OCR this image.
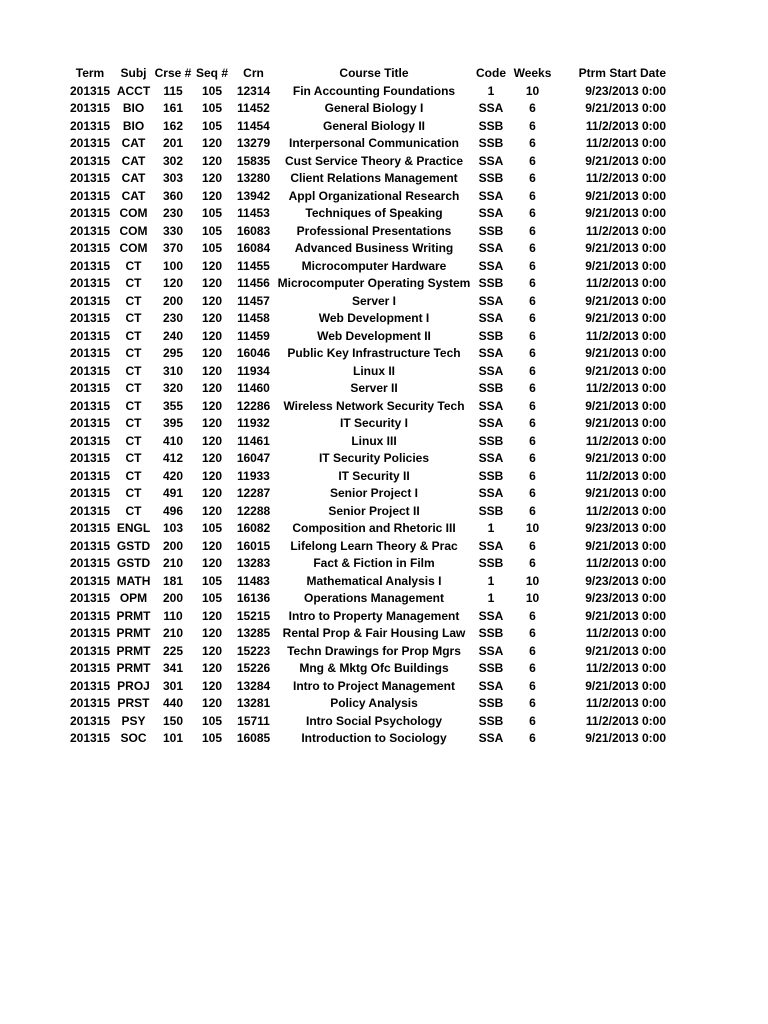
Term	Subj	Crse #	Seq #	Crn	Course Title	Code	Weeks	Ptrm Start Date
201315	ACCT	115	105	12314	Fin Accounting Foundations	1	10	9/23/2013 0:00
201315	BIO	161	105	11452	General Biology I	SSA	6	9/21/2013 0:00
201315	BIO	162	105	11454	General Biology II	SSB	6	11/2/2013 0:00
201315	CAT	201	120	13279	Interpersonal Communication	SSB	6	11/2/2013 0:00
201315	CAT	302	120	15835	Cust Service Theory & Practice	SSA	6	9/21/2013 0:00
201315	CAT	303	120	13280	Client Relations Management	SSB	6	11/2/2013 0:00
201315	CAT	360	120	13942	Appl Organizational Research	SSA	6	9/21/2013 0:00
201315	COM	230	105	11453	Techniques of Speaking	SSA	6	9/21/2013 0:00
201315	COM	330	105	16083	Professional Presentations	SSB	6	11/2/2013 0:00
201315	COM	370	105	16084	Advanced Business Writing	SSA	6	9/21/2013 0:00
201315	CT	100	120	11455	Microcomputer Hardware	SSA	6	9/21/2013 0:00
201315	CT	120	120	11456	Microcomputer Operating System	SSB	6	11/2/2013 0:00
201315	CT	200	120	11457	Server I	SSA	6	9/21/2013 0:00
201315	CT	230	120	11458	Web Development I	SSA	6	9/21/2013 0:00
201315	CT	240	120	11459	Web Development II	SSB	6	11/2/2013 0:00
201315	CT	295	120	16046	Public Key Infrastructure Tech	SSA	6	9/21/2013 0:00
201315	CT	310	120	11934	Linux II	SSA	6	9/21/2013 0:00
201315	CT	320	120	11460	Server II	SSB	6	11/2/2013 0:00
201315	CT	355	120	12286	Wireless Network Security Tech	SSA	6	9/21/2013 0:00
201315	CT	395	120	11932	IT Security I	SSA	6	9/21/2013 0:00
201315	CT	410	120	11461	Linux III	SSB	6	11/2/2013 0:00
201315	CT	412	120	16047	IT Security Policies	SSA	6	9/21/2013 0:00
201315	CT	420	120	11933	IT Security II	SSB	6	11/2/2013 0:00
201315	CT	491	120	12287	Senior Project I	SSA	6	9/21/2013 0:00
201315	CT	496	120	12288	Senior Project II	SSB	6	11/2/2013 0:00
201315	ENGL	103	105	16082	Composition and Rhetoric III	1	10	9/23/2013 0:00
201315	GSTD	200	120	16015	Lifelong Learn Theory & Prac	SSA	6	9/21/2013 0:00
201315	GSTD	210	120	13283	Fact & Fiction in Film	SSB	6	11/2/2013 0:00
201315	MATH	181	105	11483	Mathematical Analysis I	1	10	9/23/2013 0:00
201315	OPM	200	105	16136	Operations Management	1	10	9/23/2013 0:00
201315	PRMT	110	120	15215	Intro to Property Management	SSA	6	9/21/2013 0:00
201315	PRMT	210	120	13285	Rental Prop & Fair Housing Law	SSB	6	11/2/2013 0:00
201315	PRMT	225	120	15223	Techn Drawings for Prop Mgrs	SSA	6	9/21/2013 0:00
201315	PRMT	341	120	15226	Mng & Mktg Ofc Buildings	SSB	6	11/2/2013 0:00
201315	PROJ	301	120	13284	Intro to Project Management	SSA	6	9/21/2013 0:00
201315	PRST	440	120	13281	Policy Analysis	SSB	6	11/2/2013 0:00
201315	PSY	150	105	15711	Intro Social Psychology	SSB	6	11/2/2013 0:00
201315	SOC	101	105	16085	Introduction to Sociology	SSA	6	9/21/2013 0:00
